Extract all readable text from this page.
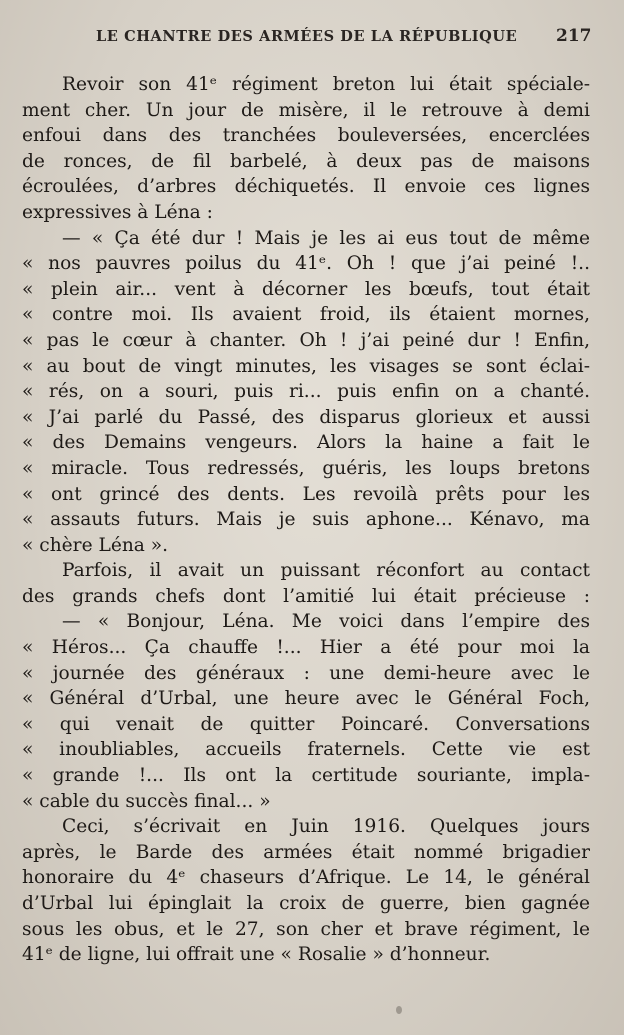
LE CHANTRE DES ARMÉES DE LA RÉPUBLIQUE 217
Revoir son 41ᵉ régiment breton lui était spéciale-
ment cher. Un jour de misère, il le retrouve à demi
enfoui dans des tranchées bouleversées, encerclées
de ronces, de fil barbelé, à deux pas de maisons
écroulées, d’arbres déchiquetés. Il envoie ces lignes
expressives à Léna :
— « Ça été dur ! Mais je les ai eus tout de même
« nos pauvres poilus du 41ᵉ. Oh ! que j’ai peiné !..
« plein air... vent à décorner les bœufs, tout était
« contre moi. Ils avaient froid, ils étaient mornes,
« pas le cœur à chanter. Oh ! j’ai peiné dur ! Enfin,
« au bout de vingt minutes, les visages se sont éclai-
« rés, on a souri, puis ri... puis enfin on a chanté.
« J’ai parlé du Passé, des disparus glorieux et aussi
« des Demains vengeurs. Alors la haine a fait le
« miracle. Tous redressés, guéris, les loups bretons
« ont grincé des dents. Les revoilà prêts pour les
« assauts futurs. Mais je suis aphone... Kénavo, ma
« chère Léna ».
Parfois, il avait un puissant réconfort au contact
des grands chefs dont l’amitié lui était précieuse :
— « Bonjour, Léna. Me voici dans l’empire des
« Héros... Ça chauffe !... Hier a été pour moi la
« journée des généraux : une demi-heure avec le
« Général d’Urbal, une heure avec le Général Foch,
« qui venait de quitter Poincaré. Conversations
« inoubliables, accueils fraternels. Cette vie est
« grande !... Ils ont la certitude souriante, impla-
« cable du succès final... »
Ceci, s’écrivait en Juin 1916. Quelques jours
après, le Barde des armées était nommé brigadier
honoraire du 4ᵉ chaseurs d’Afrique. Le 14, le général
d’Urbal lui épinglait la croix de guerre, bien gagnée
sous les obus, et le 27, son cher et brave régiment, le
41ᵉ de ligne, lui offrait une « Rosalie » d’honneur.
